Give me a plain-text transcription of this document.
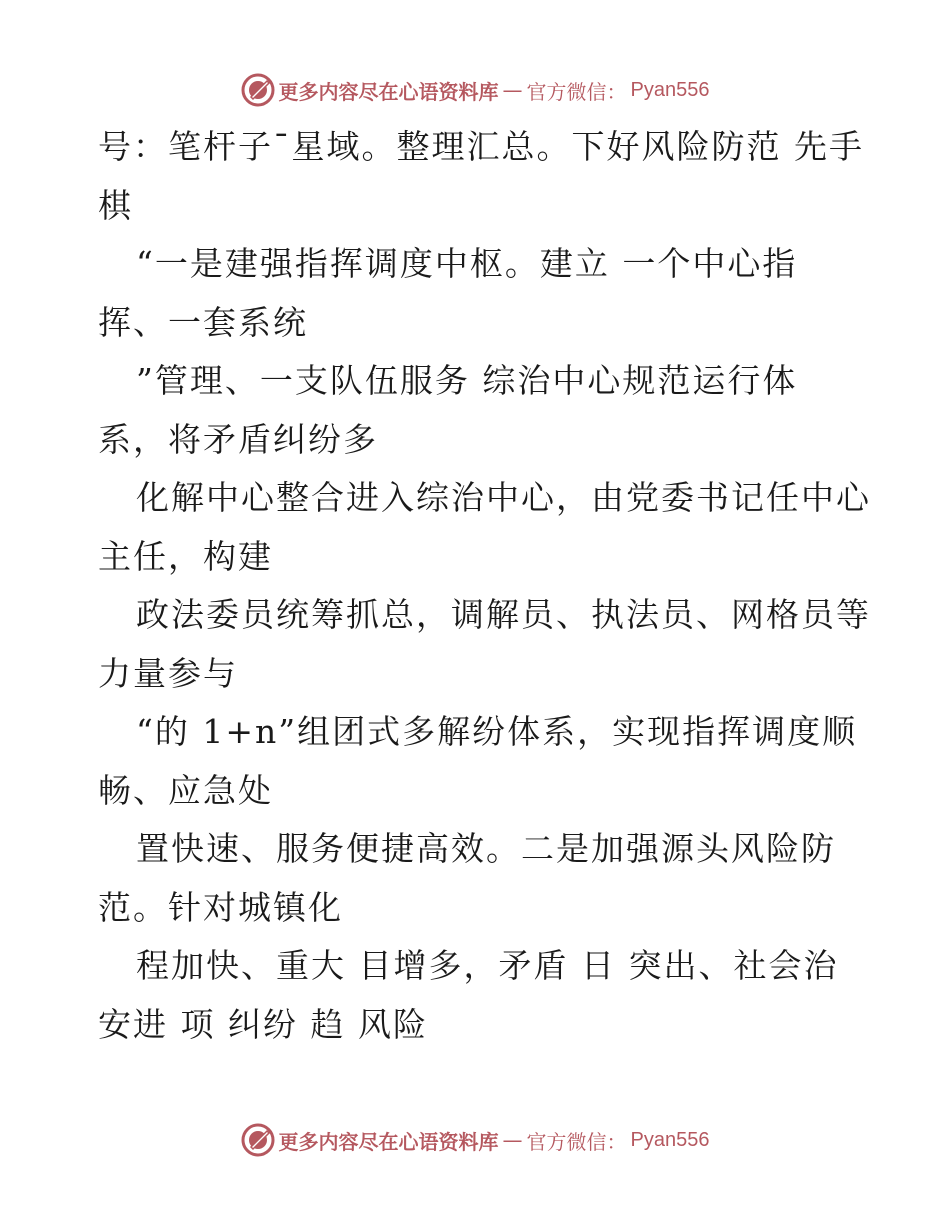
更多内容尽在心语资料库 — 官方微信： Pyan556
号：笔杆子¯星域。整理汇总。下好风险防范 先手
棋
“一是建强指挥调度中枢。建立 一个中心指
挥、一套系统
”管理、一支队伍服务 综治中心规范运行体
系，将矛盾纠纷多
化解中心整合进入综治中心，由党委书记任中心
主任，构建
政法委员统筹抓总，调解员、执法员、网格员等
力量参与
“的 1+n”组团式多解纷体系，实现指挥调度顺
畅、应急处
置快速、服务便捷高效。二是加强源头风险防
范。针对城镇化
程加快、重大 目增多，矛盾 日 突出、社会治
安进 项 纠纷 趋 风险
更多内容尽在心语资料库 — 官方微信： Pyan556
